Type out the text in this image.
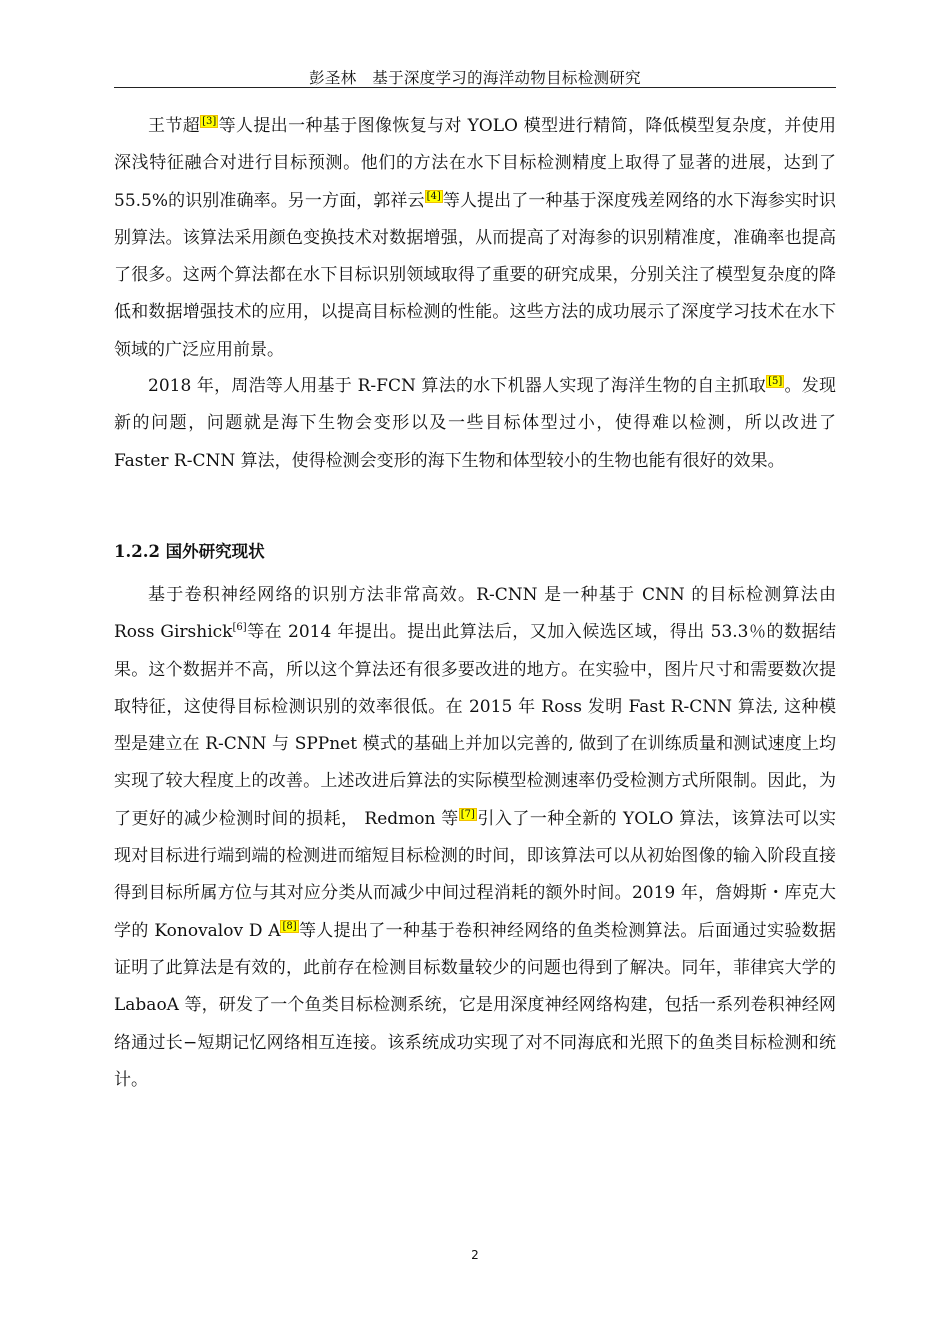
彭圣林　基于深度学习的海洋动物目标检测研究

王节超 [3] 等人提出一种基于图像恢复与对 YOLO 模型进行精简，降低模型复杂度，并使用深浅特征融合对进行目标预测。他们的方法在水下目标检测精度上取得了显著的进展，达到了 55.5%的识别准确率。另一方面，郭祥云 [4] 等人提出了一种基于深度残差网络的水下海参实时识别算法。该算法采用颜色变换技术对数据增强，从而提高了对海参的识别精准度，准确率也提高了很多。这两个算法都在水下目标识别领域取得了重要的研究成果，分别关注了模型复杂度的降低和数据增强技术的应用，以提高目标检测的性能。这些方法的成功展示了深度学习技术在水下领域的广泛应用前景。

2018 年，周浩等人用基于 R-FCN 算法的水下机器人实现了海洋生物的自主抓取 [5] 。发现新的问题，问题就是海下生物会变形以及一些目标体型过小，使得难以检测，所以改进了 Faster R-CNN 算法，使得检测会变形的海下生物和体型较小的生物也能有很好的效果。

1.2.2 国外研究现状

基于卷积神经网络的识别方法非常高效。R-CNN 是一种基于 CNN 的目标检测算法由 Ross Girshick[6]等在 2014 年提出。提出此算法后，又加入候选区域，得出 53.3％的数据结果。这个数据并不高，所以这个算法还有很多要改进的地方。在实验中，图片尺寸和需要数次提取特征，这使得目标检测识别的效率很低。在 2015 年 Ross 发明 Fast R-CNN 算法, 这种模型是建立在 R-CNN 与 SPPnet 模式的基础上并加以完善的, 做到了在训练质量和测试速度上均实现了较大程度上的改善。上述改进后算法的实际模型检测速率仍受检测方式所限制。因此，为了更好的减少检测时间的损耗， Redmon 等 [7] 引入了一种全新的 YOLO 算法，该算法可以实现对目标进行端到端的检测进而缩短目标检测的时间，即该算法可以从初始图像的输入阶段直接得到目标所属方位与其对应分类从而减少中间过程消耗的额外时间。2019 年，詹姆斯・库克大学的 Konovalov D A [8] 等人提出了一种基于卷积神经网络的鱼类检测算法。后面通过实验数据证明了此算法是有效的，此前存在检测目标数量较少的问题也得到了解决。同年，菲律宾大学的 LabaoA 等，研发了一个鱼类目标检测系统，它是用深度神经网络构建，包括一系列卷积神经网络通过长−短期记忆网络相互连接。该系统成功实现了对不同海底和光照下的鱼类目标检测和统计。

2
